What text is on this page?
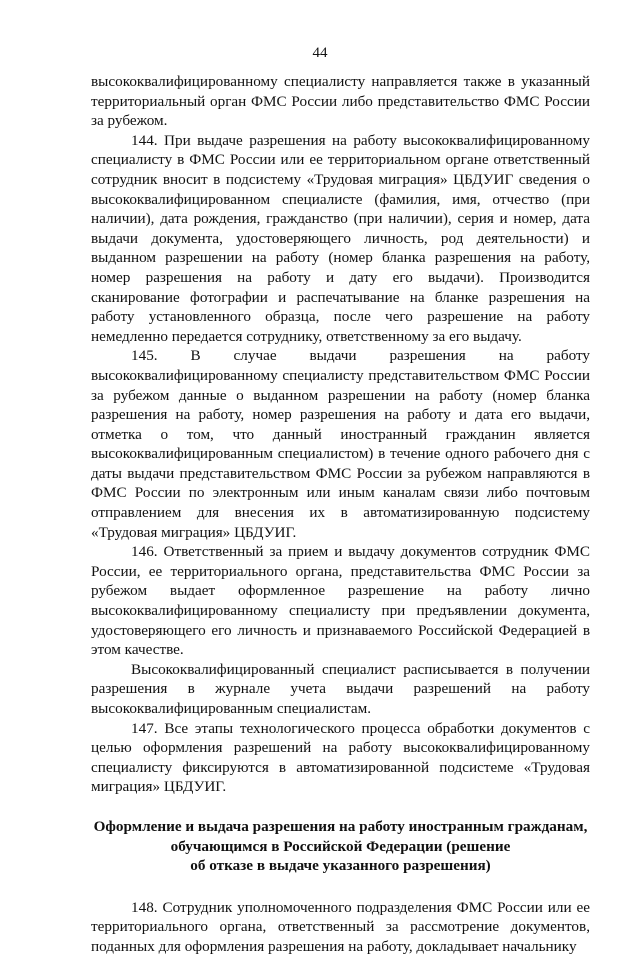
44

высококвалифицированному специалисту направляется также в указанный территориальный орган ФМС России либо представительство ФМС России за рубежом.

144. При выдаче разрешения на работу высококвалифицированному специалисту в ФМС России или ее территориальном органе ответственный сотрудник вносит в подсистему «Трудовая миграция» ЦБДУИГ сведения о высококвалифицированном специалисте (фамилия, имя, отчество (при наличии), дата рождения, гражданство (при наличии), серия и номер, дата выдачи документа, удостоверяющего личность, род деятельности) и выданном разрешении на работу (номер бланка разрешения на работу, номер разрешения на работу и дату его выдачи). Производится сканирование фотографии и распечатывание на бланке разрешения на работу установленного образца, после чего разрешение на работу немедленно передается сотруднику, ответственному за его выдачу.

145. В случае выдачи разрешения на работу высококвалифицированному специалисту представительством ФМС России за рубежом данные о выданном разрешении на работу (номер бланка разрешения на работу, номер разрешения на работу и дата его выдачи, отметка о том, что данный иностранный гражданин является высококвалифицированным специалистом) в течение одного рабочего дня с даты выдачи представительством ФМС России за рубежом направляются в ФМС России по электронным или иным каналам связи либо почтовым отправлением для внесения их в автоматизированную подсистему «Трудовая миграция» ЦБДУИГ.

146. Ответственный за прием и выдачу документов сотрудник ФМС России, ее территориального органа, представительства ФМС России за рубежом выдает оформленное разрешение на работу лично высококвалифицированному специалисту при предъявлении документа, удостоверяющего его личность и признаваемого Российской Федерацией в этом качестве.

Высококвалифицированный специалист расписывается в получении разрешения в журнале учета выдачи разрешений на работу высококвалифицированным специалистам.

147. Все этапы технологического процесса обработки документов с целью оформления разрешений на работу высококвалифицированному специалисту фиксируются в автоматизированной подсистеме «Трудовая миграция» ЦБДУИГ.

Оформление и выдача разрешения на работу иностранным гражданам,
обучающимся в Российской Федерации (решение
об отказе в выдаче указанного разрешения)

148. Сотрудник уполномоченного подразделения ФМС России или ее территориального органа, ответственный за рассмотрение документов, поданных для оформления разрешения на работу, докладывает начальнику
